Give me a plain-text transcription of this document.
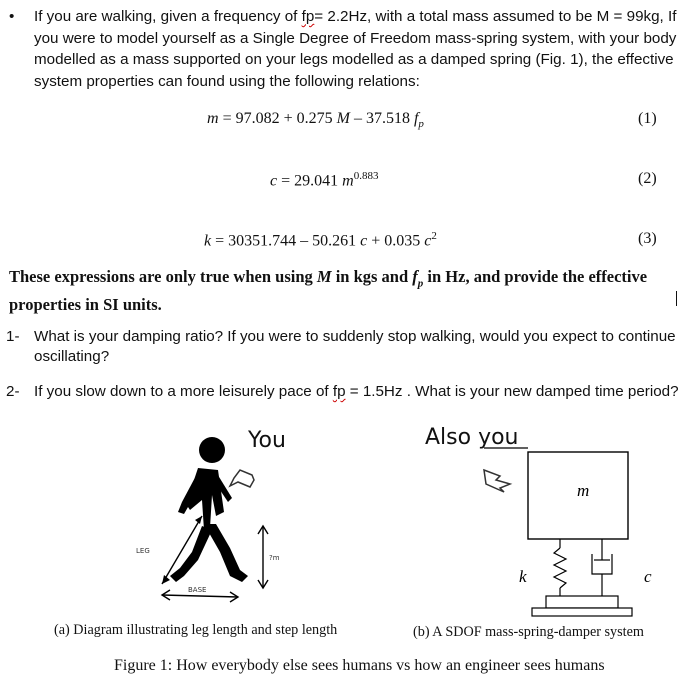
• If you are walking, given a frequency of fp= 2.2Hz, with a total mass assumed to be M = 99kg, If you were to model yourself as a Single Degree of Freedom mass-spring system, with your body modelled as a mass supported on your legs modelled as a damped spring (Fig. 1), the effective system properties can found using the following relations:
m = 97.082 + 0.275 M – 37.518 $f_p$	(1)
c = 29.041 $m^{0.883}$	(2)
k = 30351.744 – 50.261 c + 0.035 $c^2$	(3)
These expressions are only true when using M in kgs and $f_p$ in Hz, and provide the effective properties in SI units.
1- What is your damping ratio? If you were to suddenly stop walking, would you expect to continue
oscillating?
2- If you slow down to a more leisurely pace of fp = 1.5Hz . What is your new damped time period?
LEG
?m
BASE
You	Also you
m
k	c
(a) Diagram illustrating leg length and step length	(b) A SDOF mass-spring-damper system
Figure 1: How everybody else sees humans vs how an engineer sees humans
